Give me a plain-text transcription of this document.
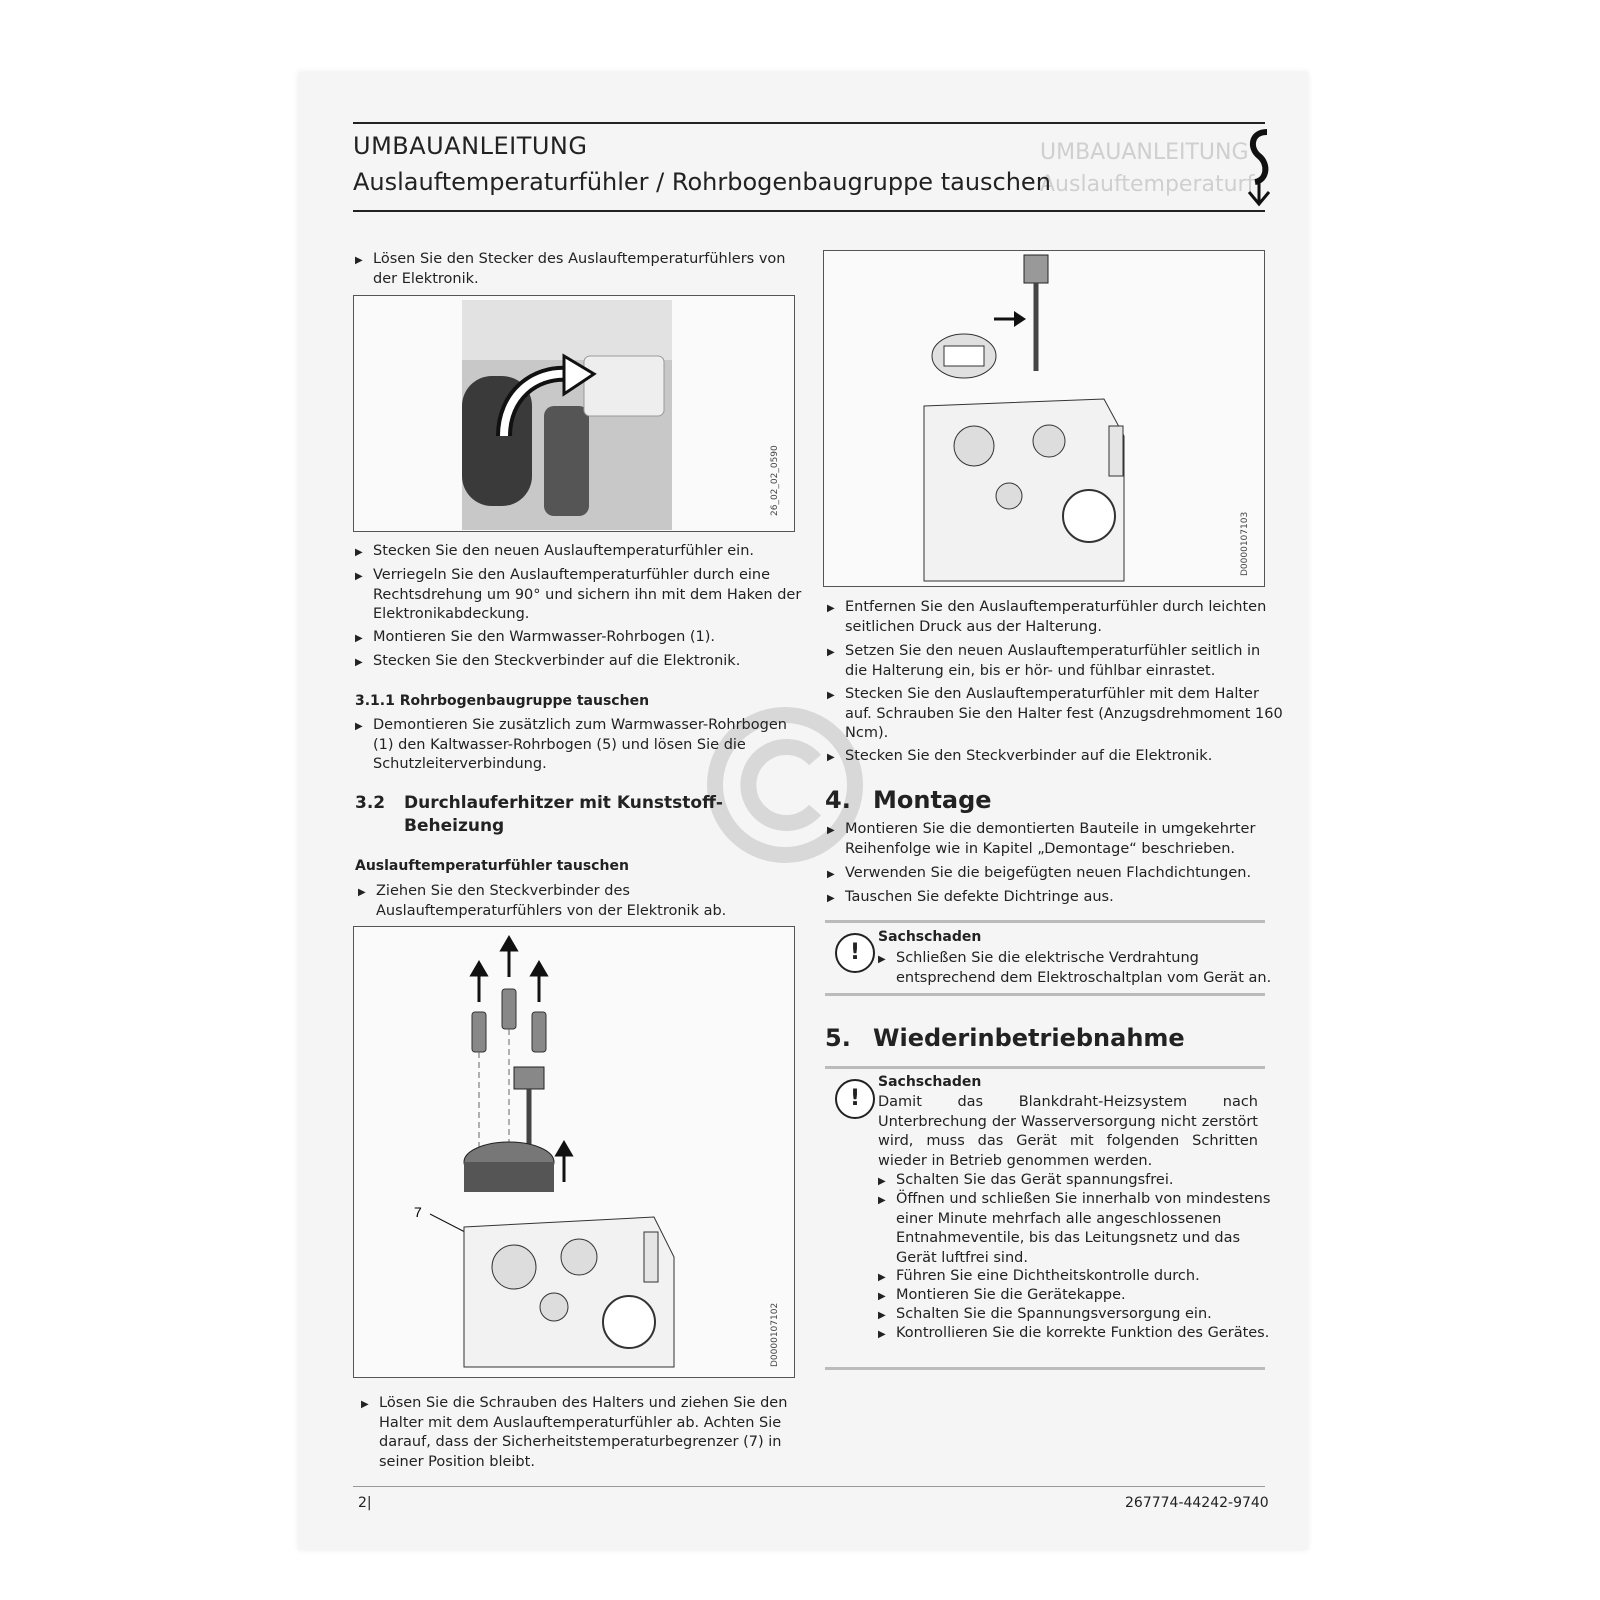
UMBAUANLEITUNG
Auslauftemperaturf
UMBAUANLEITUNG
Auslauftemperaturfühler / Rohrbogenbaugruppe tauschen
▶ Lösen Sie den Stecker des Auslauftemperaturfühlers von der Elektronik.
26_02_02_0590
▶ Stecken Sie den neuen Auslauftemperaturfühler ein.
▶ Verriegeln Sie den Auslauftemperaturfühler durch eine Rechtsdrehung um 90° und sichern ihn mit dem Haken der Elektronikabdeckung.
▶ Montieren Sie den Warmwasser-Rohrbogen (1).
▶ Stecken Sie den Steckverbinder auf die Elektronik.
3.1.1 Rohrbogenbaugruppe tauschen
▶ Demontieren Sie zusätzlich zum Warmwasser-Rohrbogen (1) den Kaltwasser-Rohrbogen (5) und lösen Sie die Schutzleiterverbindung.
3.2 Durchlauferhitzer mit Kunststoff-Beheizung
Auslauftemperaturfühler tauschen
▶ Ziehen Sie den Steckverbinder des Auslauftemperaturfühlers von der Elektronik ab.
7
D0000107102
▶ Lösen Sie die Schrauben des Halters und ziehen Sie den Halter mit dem Auslauftemperaturfühler ab. Achten Sie darauf, dass der Sicherheitstemperaturbegrenzer (7) in seiner Position bleibt.
D0000107103
▶ Entfernen Sie den Auslauftemperaturfühler durch leichten seitlichen Druck aus der Halterung.
▶ Setzen Sie den neuen Auslauftemperaturfühler seitlich in die Halterung ein, bis er hör- und fühlbar einrastet.
▶ Stecken Sie den Auslauftemperaturfühler mit dem Halter auf. Schrauben Sie den Halter fest (Anzugsdrehmoment 160 Ncm).
▶ Stecken Sie den Steckverbinder auf die Elektronik.
4. Montage
▶ Montieren Sie die demontierten Bauteile in umgekehrter Reihenfolge wie in Kapitel „Demontage“ beschrieben.
▶ Verwenden Sie die beigefügten neuen Flachdichtungen.
▶ Tauschen Sie defekte Dichtringe aus.
!
Sachschaden
▶ Schließen Sie die elektrische Verdrahtung entsprechend dem Elektroschaltplan vom Gerät an.
5. Wiederinbetriebnahme
!
Sachschaden
Damit das Blankdraht-Heizsystem nach Unterbrechung der Wasserversorgung nicht zerstört wird, muss das Gerät mit folgenden Schritten wieder in Betrieb genommen werden.
▶ Schalten Sie das Gerät spannungsfrei.
▶ Öffnen und schließen Sie innerhalb von mindestens einer Minute mehrfach alle angeschlossenen Entnahmeventile, bis das Leitungsnetz und das Gerät luftfrei sind.
▶ Führen Sie eine Dichtheitskontrolle durch.
▶ Montieren Sie die Gerätekappe.
▶ Schalten Sie die Spannungsversorgung ein.
▶ Kontrollieren Sie die korrekte Funktion des Gerätes.
2|	267774-44242-9740
